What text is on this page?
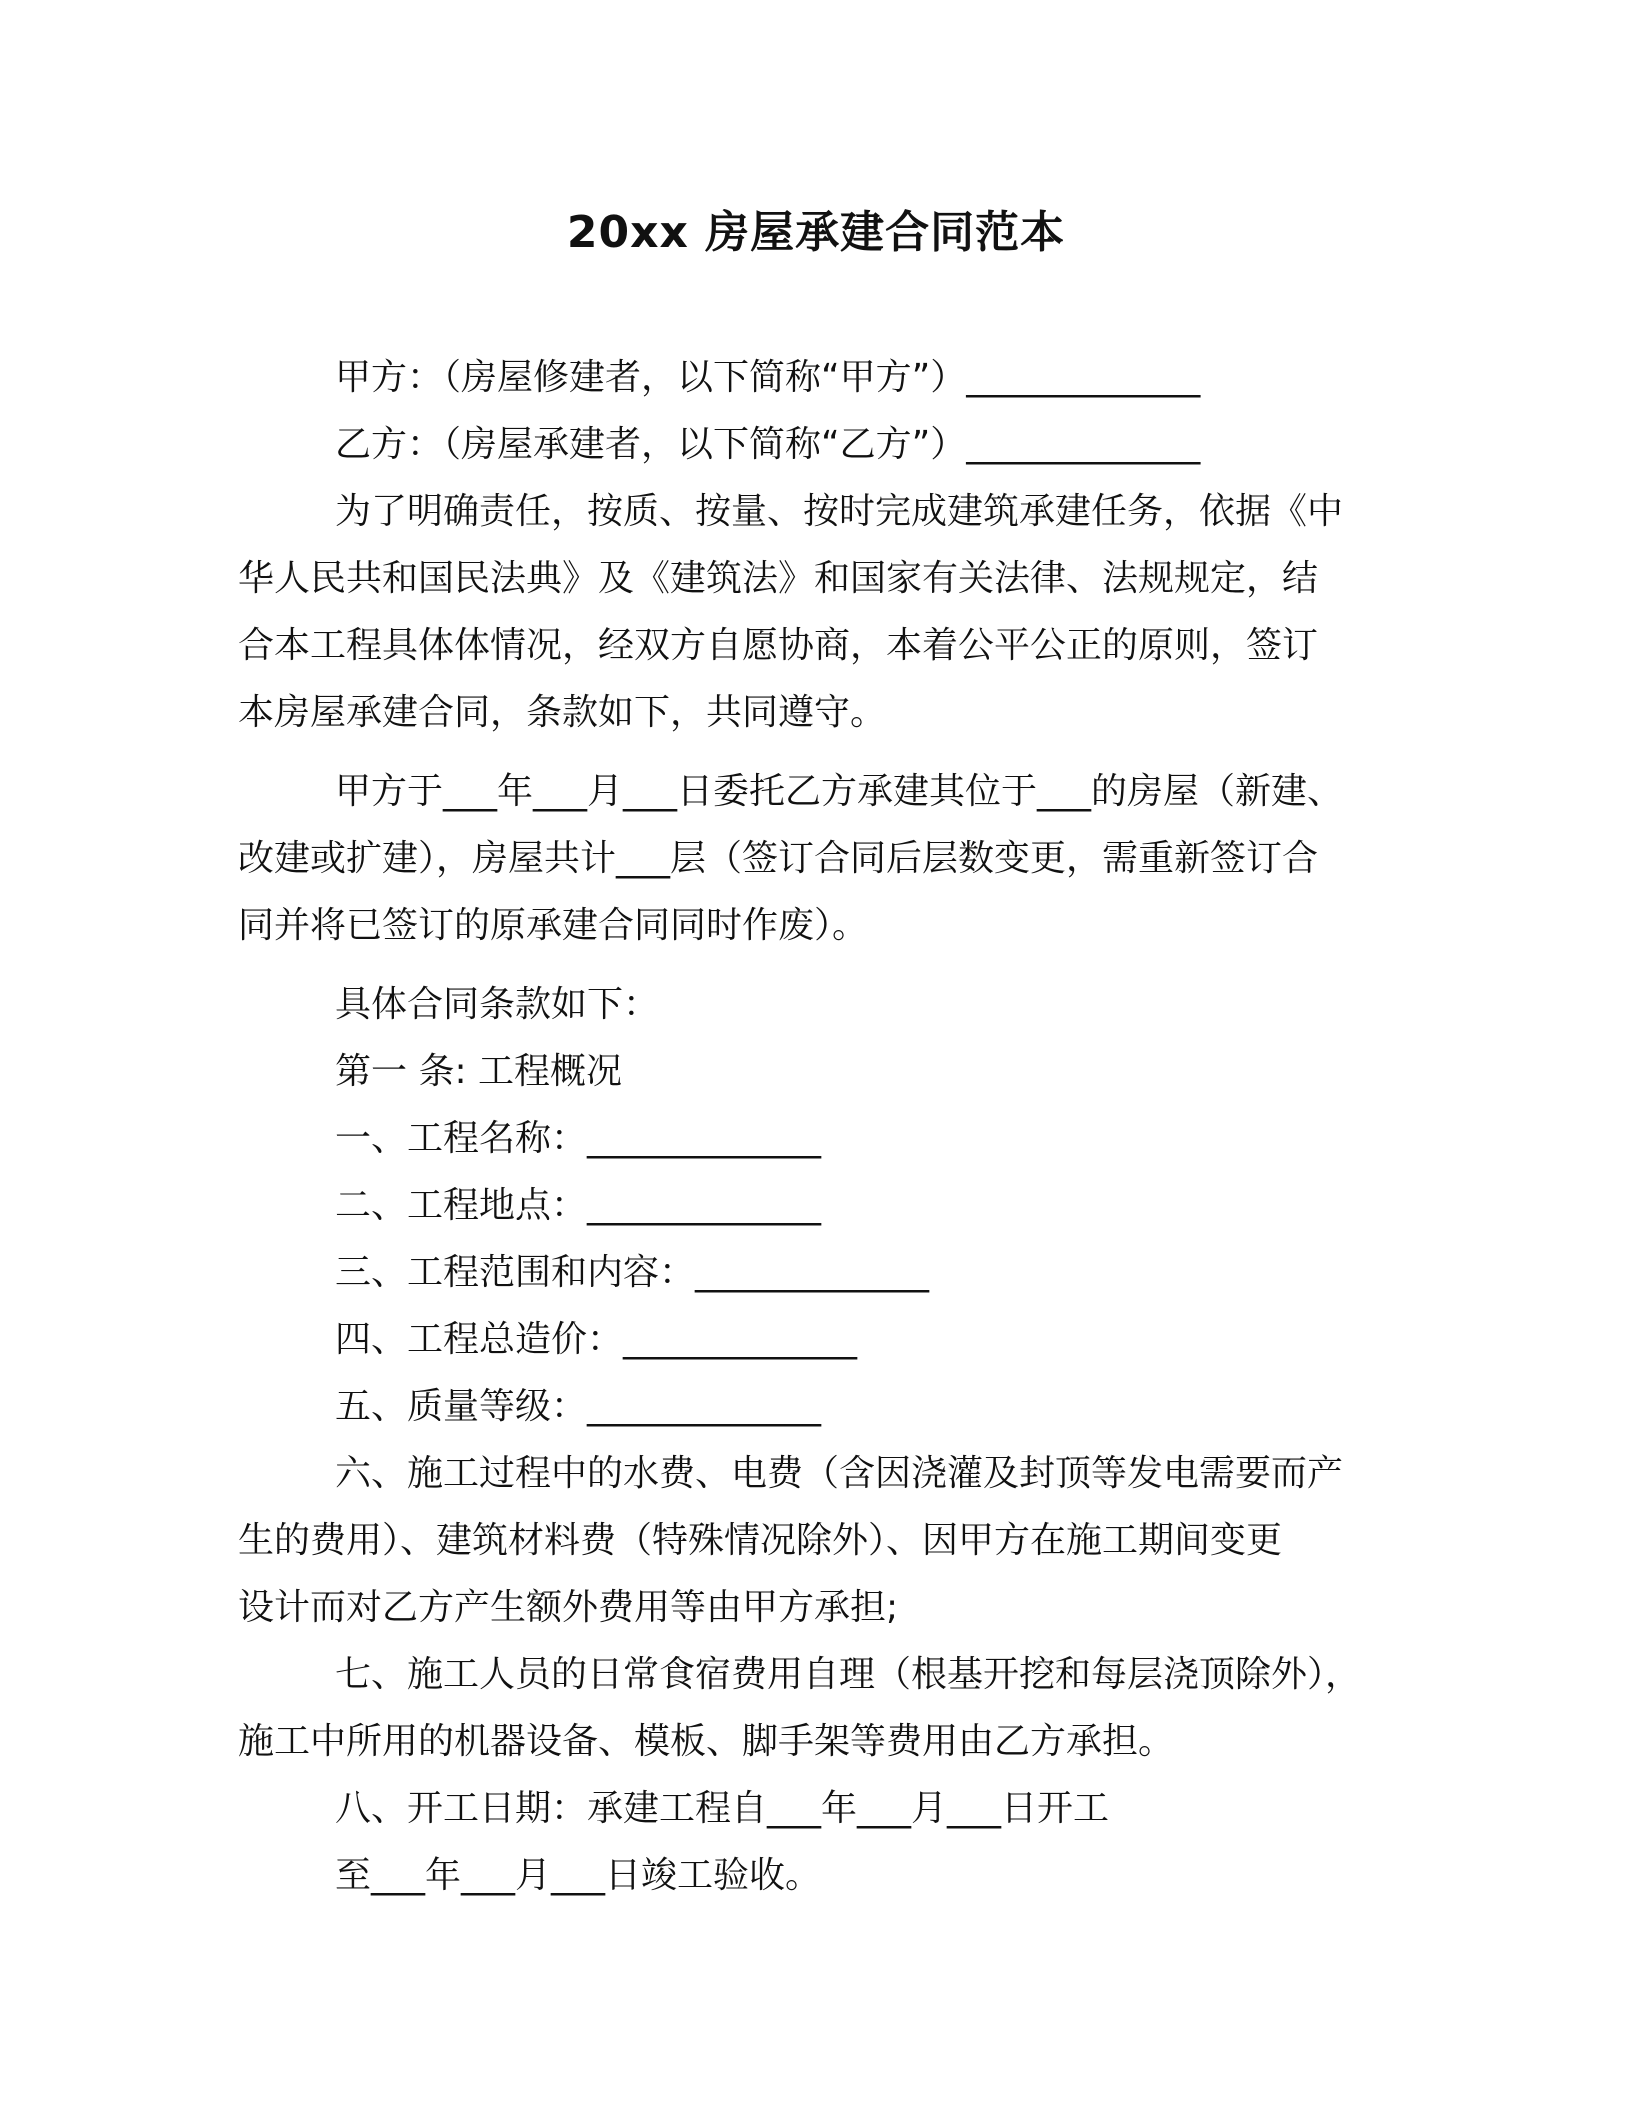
20xx 房屋承建合同范本
甲方：（房屋修建者，以下简称“甲方”）_____________
乙方：（房屋承建者，以下简称“乙方”）_____________
为了明确责任，按质、按量、按时完成建筑承建任务，依据《中
华人民共和国民法典》及《建筑法》和国家有关法律、法规规定，结
合本工程具体体情况，经双方自愿协商，本着公平公正的原则，签订
本房屋承建合同，条款如下，共同遵守。
甲方于___年___月___日委托乙方承建其位于___的房屋（新建、
改建或扩建），房屋共计___层（签订合同后层数变更，需重新签订合
同并将已签订的原承建合同同时作废）。
具体合同条款如下：
第一 条: 工程概况
一、工程名称：_____________
二、工程地点：_____________
三、工程范围和内容：_____________
四、工程总造价：_____________
五、质量等级：_____________
六、施工过程中的水费、电费（含因浇灌及封顶等发电需要而产
生的费用）、建筑材料费（特殊情况除外）、因甲方在施工期间变更
设计而对乙方产生额外费用等由甲方承担;
七、施工人员的日常食宿费用自理（根基开挖和每层浇顶除外），
施工中所用的机器设备、模板、脚手架等费用由乙方承担。
八、开工日期：承建工程自___年___月___日开工
至___年___月___日竣工验收。
